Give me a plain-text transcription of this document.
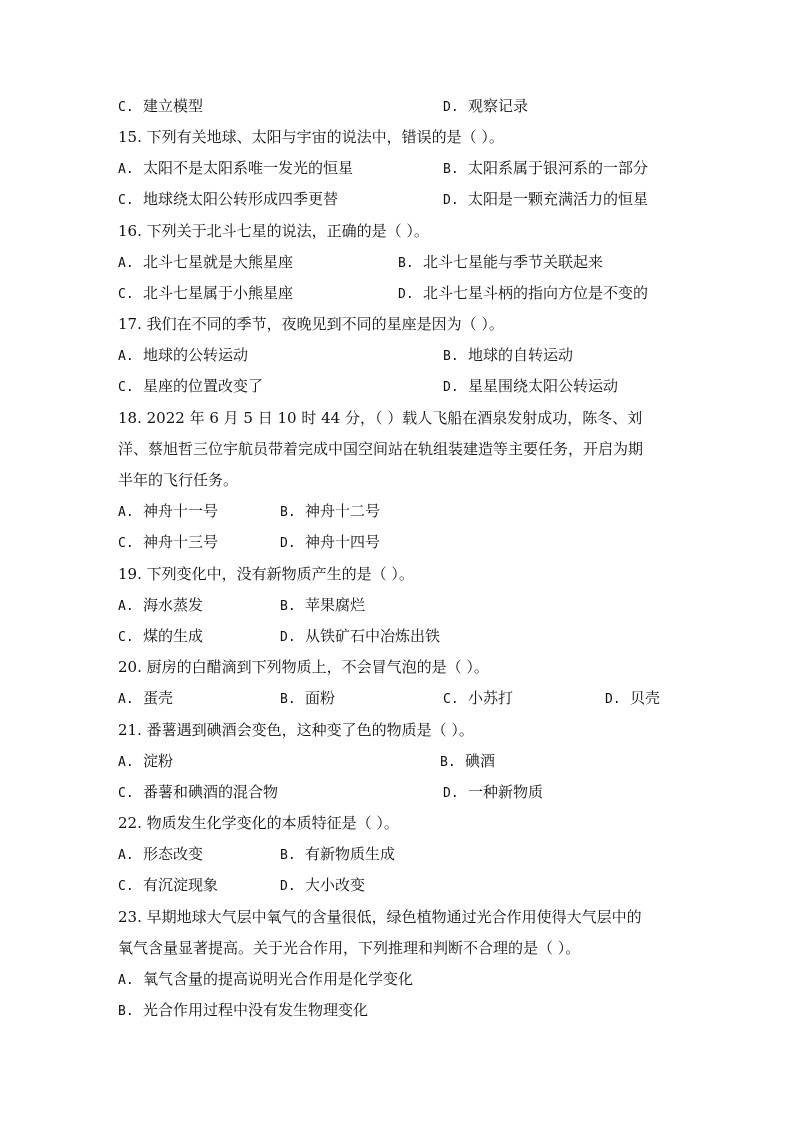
C. 建立模型	D. 观察记录
15. 下列有关地球、太阳与宇宙的说法中，错误的是（ ）。
A. 太阳不是太阳系唯一发光的恒星	B. 太阳系属于银河系的一部分
C. 地球绕太阳公转形成四季更替	D. 太阳是一颗充满活力的恒星
16. 下列关于北斗七星的说法，正确的是（ ）。
A. 北斗七星就是大熊星座	B. 北斗七星能与季节关联起来
C. 北斗七星属于小熊星座	D. 北斗七星斗柄的指向方位是不变的
17. 我们在不同的季节，夜晚见到不同的星座是因为（ ）。
A. 地球的公转运动	B. 地球的自转运动
C. 星座的位置改变了	D. 星星围绕太阳公转运动
18. 2022 年 6 月 5 日 10 时 44 分，（ ）载人飞船在酒泉发射成功，陈冬、刘
洋、蔡旭哲三位宇航员带着完成中国空间站在轨组装建造等主要任务，开启为期
半年的飞行任务。
A. 神舟十一号	B. 神舟十二号
C. 神舟十三号	D. 神舟十四号
19. 下列变化中，没有新物质产生的是（ ）。
A. 海水蒸发	B. 苹果腐烂
C. 煤的生成	D. 从铁矿石中冶炼出铁
20. 厨房的白醋滴到下列物质上，不会冒气泡的是（ ）。
A. 蛋壳	B. 面粉	C. 小苏打	D. 贝壳
21. 番薯遇到碘酒会变色，这种变了色的物质是（ ）。
A. 淀粉	B. 碘酒
C. 番薯和碘酒的混合物	D. 一种新物质
22. 物质发生化学变化的本质特征是（ ）。
A. 形态改变	B. 有新物质生成
C. 有沉淀现象	D. 大小改变
23. 早期地球大气层中氧气的含量很低，绿色植物通过光合作用使得大气层中的
氧气含量显著提高。关于光合作用，下列推理和判断不合理的是（ ）。
A. 氧气含量的提高说明光合作用是化学变化
B. 光合作用过程中没有发生物理变化
